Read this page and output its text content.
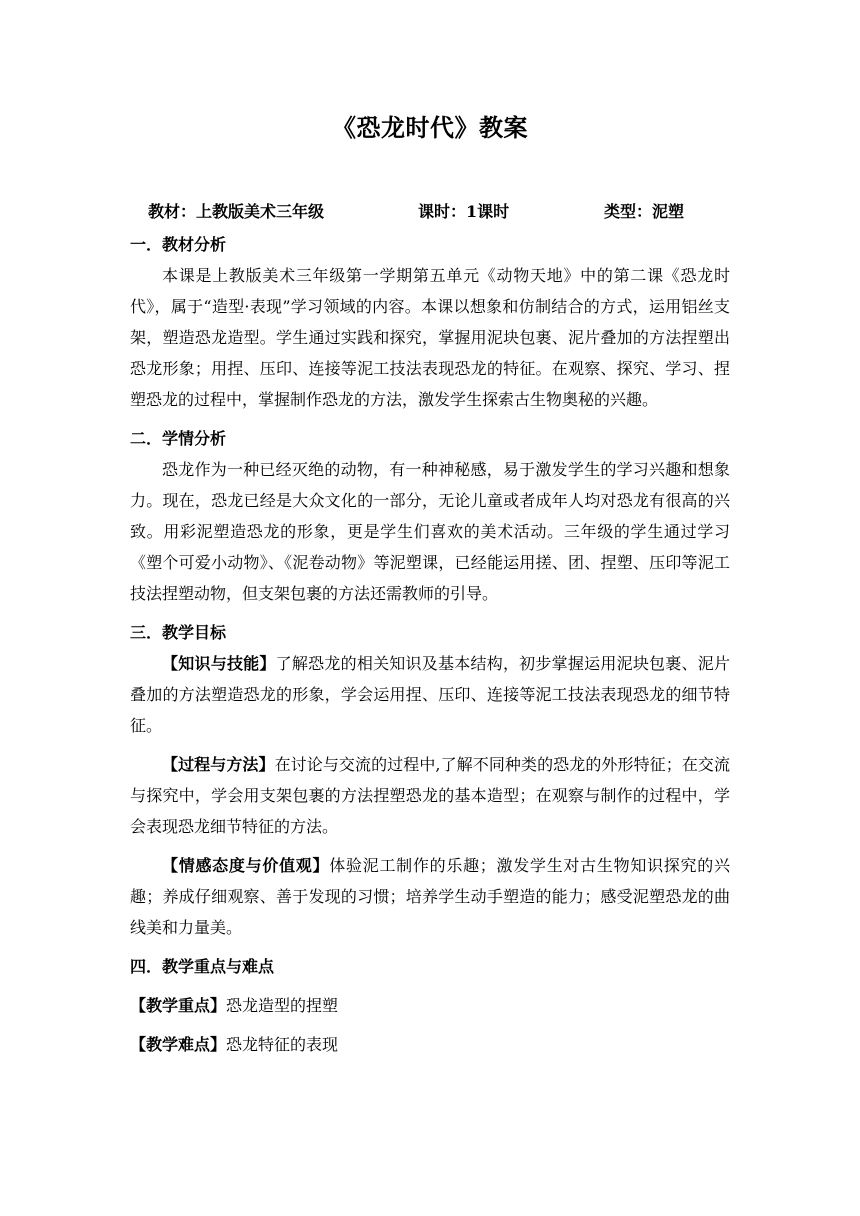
《恐龙时代》教案
教材：上教版美术三年级	课时：1课时	类型：泥塑

一．教材分析

本课是上教版美术三年级第一学期第五单元《动物天地》中的第二课《恐龙时代》，属于“造型·表现”学习领域的内容。本课以想象和仿制结合的方式，运用铝丝支架，塑造恐龙造型。学生通过实践和探究，掌握用泥块包裹、泥片叠加的方法捏塑出恐龙形象；用捏、压印、连接等泥工技法表现恐龙的特征。在观察、探究、学习、捏塑恐龙的过程中，掌握制作恐龙的方法，激发学生探索古生物奥秘的兴趣。

二．学情分析

恐龙作为一种已经灭绝的动物，有一种神秘感，易于激发学生的学习兴趣和想象力。现在，恐龙已经是大众文化的一部分，无论儿童或者成年人均对恐龙有很高的兴致。用彩泥塑造恐龙的形象，更是学生们喜欢的美术活动。三年级的学生通过学习《塑个可爱小动物》、《泥卷动物》等泥塑课，已经能运用搓、团、捏塑、压印等泥工技法捏塑动物，但支架包裹的方法还需教师的引导。

三．教学目标

【知识与技能】了解恐龙的相关知识及基本结构，初步掌握运用泥块包裹、泥片叠加的方法塑造恐龙的形象，学会运用捏、压印、连接等泥工技法表现恐龙的细节特征。

【过程与方法】在讨论与交流的过程中,了解不同种类的恐龙的外形特征；在交流与探究中，学会用支架包裹的方法捏塑恐龙的基本造型；在观察与制作的过程中，学会表现恐龙细节特征的方法。

【情感态度与价值观】体验泥工制作的乐趣；激发学生对古生物知识探究的兴趣；养成仔细观察、善于发现的习惯；培养学生动手塑造的能力；感受泥塑恐龙的曲线美和力量美。

四．教学重点与难点

【教学重点】恐龙造型的捏塑

【教学难点】恐龙特征的表现
